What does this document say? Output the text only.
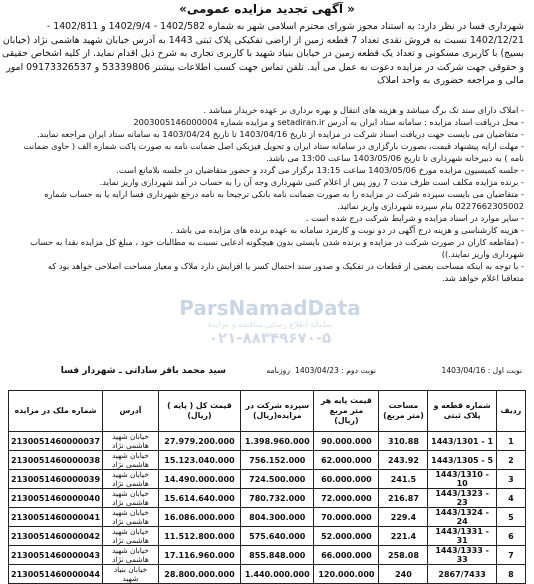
« آگهی تجدید مزایده عمومی»
شهرداری فسا در نظر دارد: به استناد مجوز شورای محترم اسلامی شهر به شماره 1402/582 - 1402/9/4 و 1402/811 -
1402/12/21 نسبت به فروش نقدی تعداد 7 قطعه زمین از اراضی تفکیکی پلاک ثبتی 1443 به آدرس خیابان شهید هاشمی نژاد (خیابان
بسیج) با کاربری مسکونی و تعداد یک قطعه زمین در خیابان بنیاد شهید با کاربری تجاری به شرح ذیل اقدام نماید. از کلیه اشخاص حقیقی
و حقوقی جهت شرکت در مزایده دعوت به عمل می آید. تلفن تماس جهت کسب اطلاعات بیشتر 53339806 و 09173326537 امور
مالی و مراجعه حضوری به واحد املاک
- املاک دارای سند تک برگ میباشد و هزینه های انتقال و بهره برداری بر عهده خریدار میباشد .
- محل دریافت اسناد مزایده : سامانه ستاد ایران به آدرس setadiran.ir و مزایده شماره 2003005146000004
- متقاضیان می بایست جهت دریافت اسناد شرکت در مزایده از تاریخ 1403/04/16 تا تاریخ 1403/04/24 به سامانه ستاد ایران مراجعه نمایند.
- مهلت ارایه پیشنهاد قیمت، بصورت بارگزاری در سامانه ستاد ایران و تحویل فیزیکی اصل ضمانت نامه به صورت پاکت شماره الف ( حاوی ضمانت
نامه ) به دبیرخانه شهرداری تا تاریخ 1403/05/06 ساعت 13:00 می باشد.
- جلسه کمیسیون مزایده مورخ 1403/05/06 ساعت 13:15 برگزار می گردد و حضور متقاضیان در جلسه بلامانع است.
- برنده مزایده مکلف است ظرف مدت 7 روز پس از اعلام کتبی شهرداری وجه آن را به حساب در آمد شهرداری واریز نماید.
- متقاضیان می بایست سپرده شرکت در مزایده را به صورت ضمانت نامه بانکی ترجیحا به نامه درخع شهرداری فسا ارایه یا به حساب شماره
0227662305002 بنام سپرده شهرداری واریز نمائید.
- سایر موارد در اسناد مزایده و شرایط شرکت درج شده است .
- هزینه کارشناسی و هزینه درج آگهی در دو نوبت و کارمزد سامانه به عهده برنده های مزایده می باشد .
- (مقاطعه کاران در صورت شرکت در مزایده و برنده شدن بایستی بدون هیچگونه ادعایی نسبت به مطالبات خود ، مبلغ کل مزایده نقدا به حساب
شهرداری واریز نمایند.))
- با توجه به اینکه مساحت بعضی از قطعات در تفکیک و صدور سند احتمال کسر یا افزایش دارد ملاک و معیار مساحت اصلاحی خواهد بود که
متعاقبا اعلام خواهد شد.
ParsNamadData
سامانه اطلاع رسانی مناقصه و مزایده
۰۲۱-۸۸۳۴۹۶۷۰-۵
سید محمد باقر ساداتی ـ شهردار فسا	روزنامه نوبت دوم : 1403/04/23	نوبت اول : 1403/04/16
ردیف	شماره قطعه و پلاک ثبتی	مساحت (متر مربع)	قیمت پایه هر متر مربع (ریال)	سپرده شرکت در مزایده(ریال)	قیمت کل ( پایه ) (ریال)	آدرس	شماره ملک در مزایده
1	1443/1301 - 1	310.88	90.000.000	1.398.960.000	27.979.200.000	خیابان شهید هاشمی نژاد	2130051460000037
2	1443/1305 - 5	243.92	62.000.000	756.152.000	15.123.040.000	خیابان شهید هاشمی نژاد	2130051460000038
3	1443/1310 - 10	241.5	60.000.000	724.500.000	14.490.000.000	خیابان شهید هاشمی نژاد	2130051460000039
4	1443/1323 - 23	216.87	72.000.000	780.732.000	15.614.640.000	خیابان شهید هاشمی نژاد	2130051460000040
5	1443/1324 - 24	229.4	70.000.000	804.300.000	16.086.000.000	خیابان شهید هاشمی نژاد	2130051460000041
6	1443/1331 - 31	221.4	52.000.000	575.640.000	11.512.800.000	خیابان شهید هاشمی نژاد	2130051460000042
7	1443/1333 - 33	258.08	66.000.000	855.848.000	17.116.960.000	خیابان شهید هاشمی نژاد	2130051460000043
8	2867/7433	240	120.000.000	1.440.000.000	28.800.000.000	خیابان بنیاد شهید	2130051460000044
